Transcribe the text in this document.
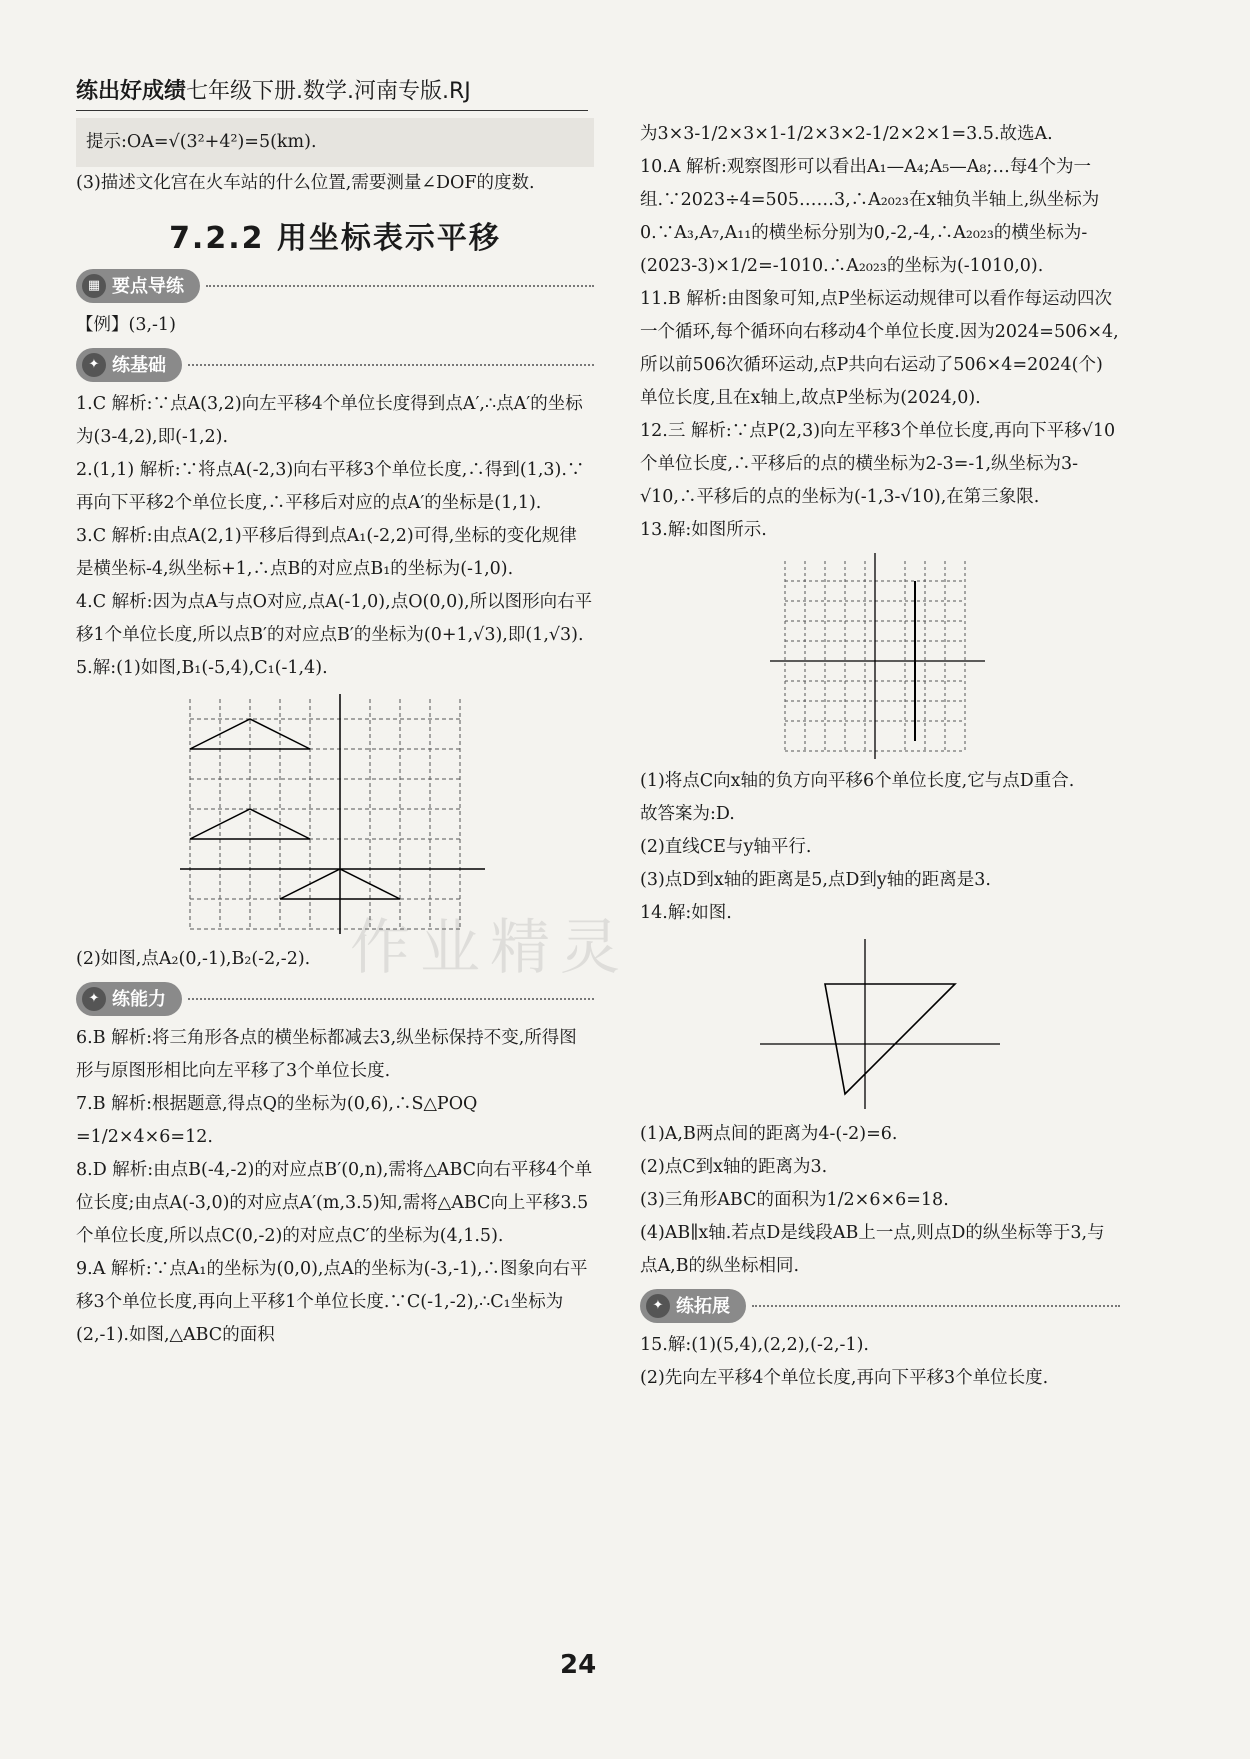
练出好成绩七年级下册.数学.河南专版.RJ

提示:OA=√(3²+4²)=5(km).

(3)描述文化宫在火车站的什么位置,需要测量∠DOF的度数.

7.2.2 用坐标表示平移
▦ 要点导练

【例】(3,-1)

✦ 练基础

1.C 解析:∵点A(3,2)向左平移4个单位长度得到点A′,∴点A′的坐标为(3-4,2),即(-1,2).

2.(1,1) 解析:∵将点A(-2,3)向右平移3个单位长度,∴得到(1,3).∵再向下平移2个单位长度,∴平移后对应的点A′的坐标是(1,1).

3.C 解析:由点A(2,1)平移后得到点A₁(-2,2)可得,坐标的变化规律是横坐标-4,纵坐标+1,∴点B的对应点B₁的坐标为(-1,0).

4.C 解析:因为点A与点O对应,点A(-1,0),点O(0,0),所以图形向右平移1个单位长度,所以点B′的对应点B′的坐标为(0+1,√3),即(1,√3).

5.解:(1)如图,B₁(-5,4),C₁(-1,4).

(2)如图,点A₂(0,-1),B₂(-2,-2).

✦ 练能力

6.B 解析:将三角形各点的横坐标都减去3,纵坐标保持不变,所得图形与原图形相比向左平移了3个单位长度.

7.B 解析:根据题意,得点Q的坐标为(0,6),∴S△POQ

=1/2×4×6=12.

8.D 解析:由点B(-4,-2)的对应点B′(0,n),需将△ABC向右平移4个单位长度;由点A(-3,0)的对应点A′(m,3.5)知,需将△ABC向上平移3.5个单位长度,所以点C(0,-2)的对应点C′的坐标为(4,1.5).

9.A 解析:∵点A₁的坐标为(0,0),点A的坐标为(-3,-1),∴图象向右平移3个单位长度,再向上平移1个单位长度.∵C(-1,-2),∴C₁坐标为(2,-1).如图,△ABC的面积

为3×3-1/2×3×1-1/2×3×2-1/2×2×1=3.5.故选A.

10.A 解析:观察图形可以看出A₁—A₄;A₅—A₈;…每4个为一组.∵2023÷4=505……3,∴A₂₀₂₃在x轴负半轴上,纵坐标为0.∵A₃,A₇,A₁₁的横坐标分别为0,-2,-4,∴A₂₀₂₃的横坐标为-(2023-3)×1/2=-1010.∴A₂₀₂₃的坐标为(-1010,0).

11.B 解析:由图象可知,点P坐标运动规律可以看作每运动四次一个循环,每个循环向右移动4个单位长度.因为2024=506×4,所以前506次循环运动,点P共向右运动了506×4=2024(个)单位长度,且在x轴上,故点P坐标为(2024,0).

12.三 解析:∵点P(2,3)向左平移3个单位长度,再向下平移√10个单位长度,∴平移后的点的横坐标为2-3=-1,纵坐标为3-√10,∴平移后的点的坐标为(-1,3-√10),在第三象限.

13.解:如图所示.

(1)将点C向x轴的负方向平移6个单位长度,它与点D重合.

故答案为:D.

(2)直线CE与y轴平行.

(3)点D到x轴的距离是5,点D到y轴的距离是3.

14.解:如图.

(1)A,B两点间的距离为4-(-2)=6.

(2)点C到x轴的距离为3.

(3)三角形ABC的面积为1/2×6×6=18.

(4)AB∥x轴.若点D是线段AB上一点,则点D的纵坐标等于3,与点A,B的纵坐标相同.

✦ 练拓展

15.解:(1)(5,4),(2,2),(-2,-1).

(2)先向左平移4个单位长度,再向下平移3个单位长度.

24
作业精灵
